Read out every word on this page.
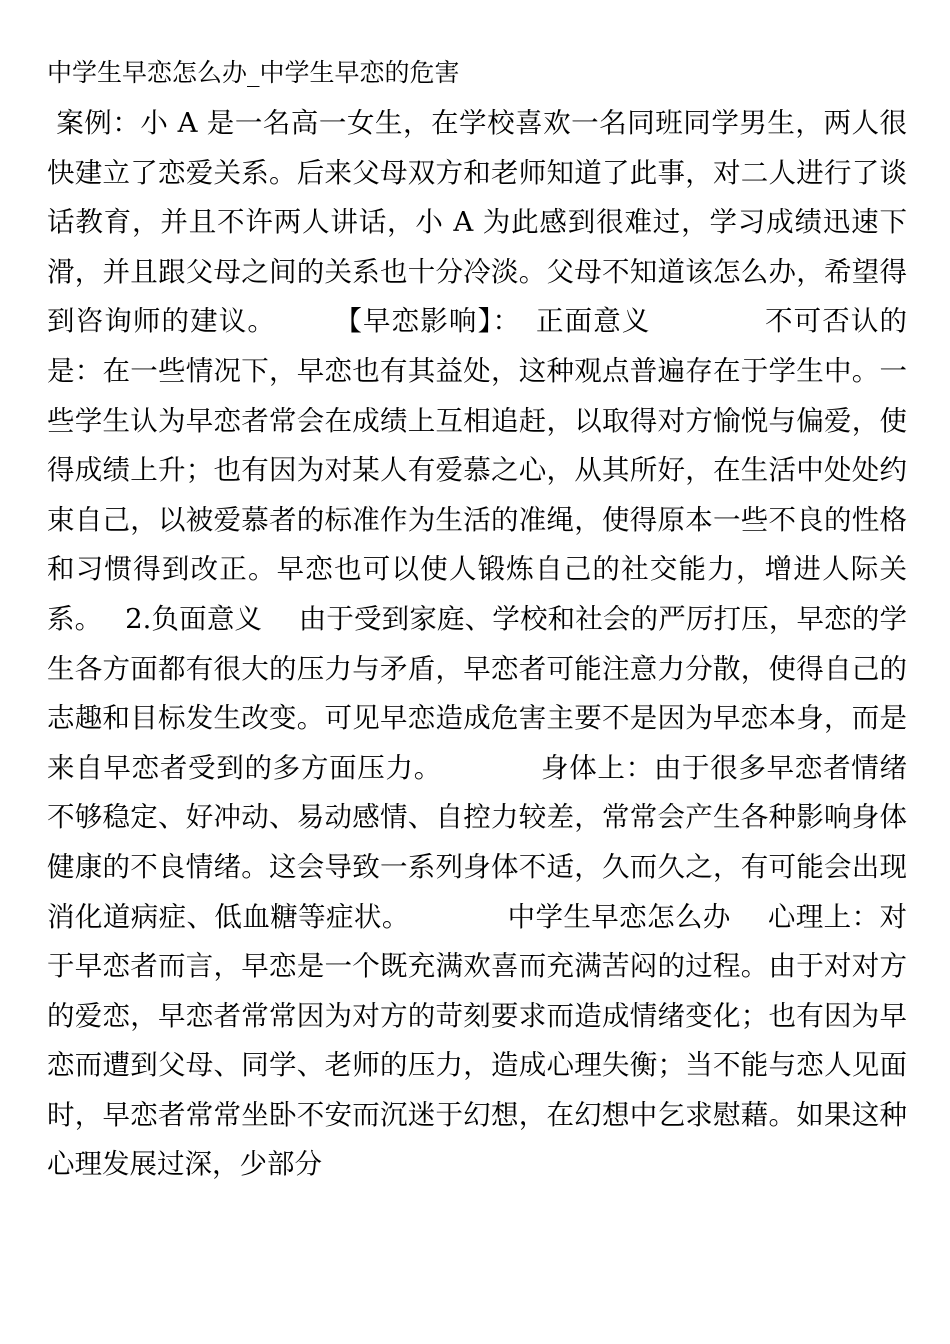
中学生早恋怎么办_中学生早恋的危害
案例：小 A 是一名高一女生，在学校喜欢一名同班同学男生，两人很快建立了恋爱关系。后来父母双方和老师知道了此事，对二人进行了谈话教育，并且不许两人讲话，小 A 为此感到很难过，学习成绩迅速下滑，并且跟父母之间的关系也十分冷淡。父母不知道该怎么办，希望得到咨询师的建议。　　　【早恋影响】：　正面意义　　　　不可否认的是：在一些情况下，早恋也有其益处，这种观点普遍存在于学生中。一些学生认为早恋者常会在成绩上互相追赶，以取得对方愉悦与偏爱，使得成绩上升；也有因为对某人有爱慕之心，从其所好，在生活中处处约束自己，以被爱慕者的标准作为生活的准绳，使得原本一些不良的性格和习惯得到改正。早恋也可以使人锻炼自己的社交能力，增进人际关系。　 2.负面意义　 由于受到家庭、学校和社会的严厉打压，早恋的学生各方面都有很大的压力与矛盾，早恋者可能注意力分散，使得自己的志趣和目标发生改变。可见早恋造成危害主要不是因为早恋本身，而是来自早恋者受到的多方面压力。　　　　身体上：由于很多早恋者情绪不够稳定、好冲动、易动感情、自控力较差，常常会产生各种影响身体健康的不良情绪。这会导致一系列身体不适，久而久之，有可能会出现消化道病症、低血糖等症状。　　　　中学生早恋怎么办　 心理上：对于早恋者而言，早恋是一个既充满欢喜而充满苦闷的过程。由于对对方的爱恋，早恋者常常因为对方的苛刻要求而造成情绪变化；也有因为早恋而遭到父母、同学、老师的压力，造成心理失衡；当不能与恋人见面时，早恋者常常坐卧不安而沉迷于幻想，在幻想中乞求慰藉。如果这种心理发展过深，少部分
